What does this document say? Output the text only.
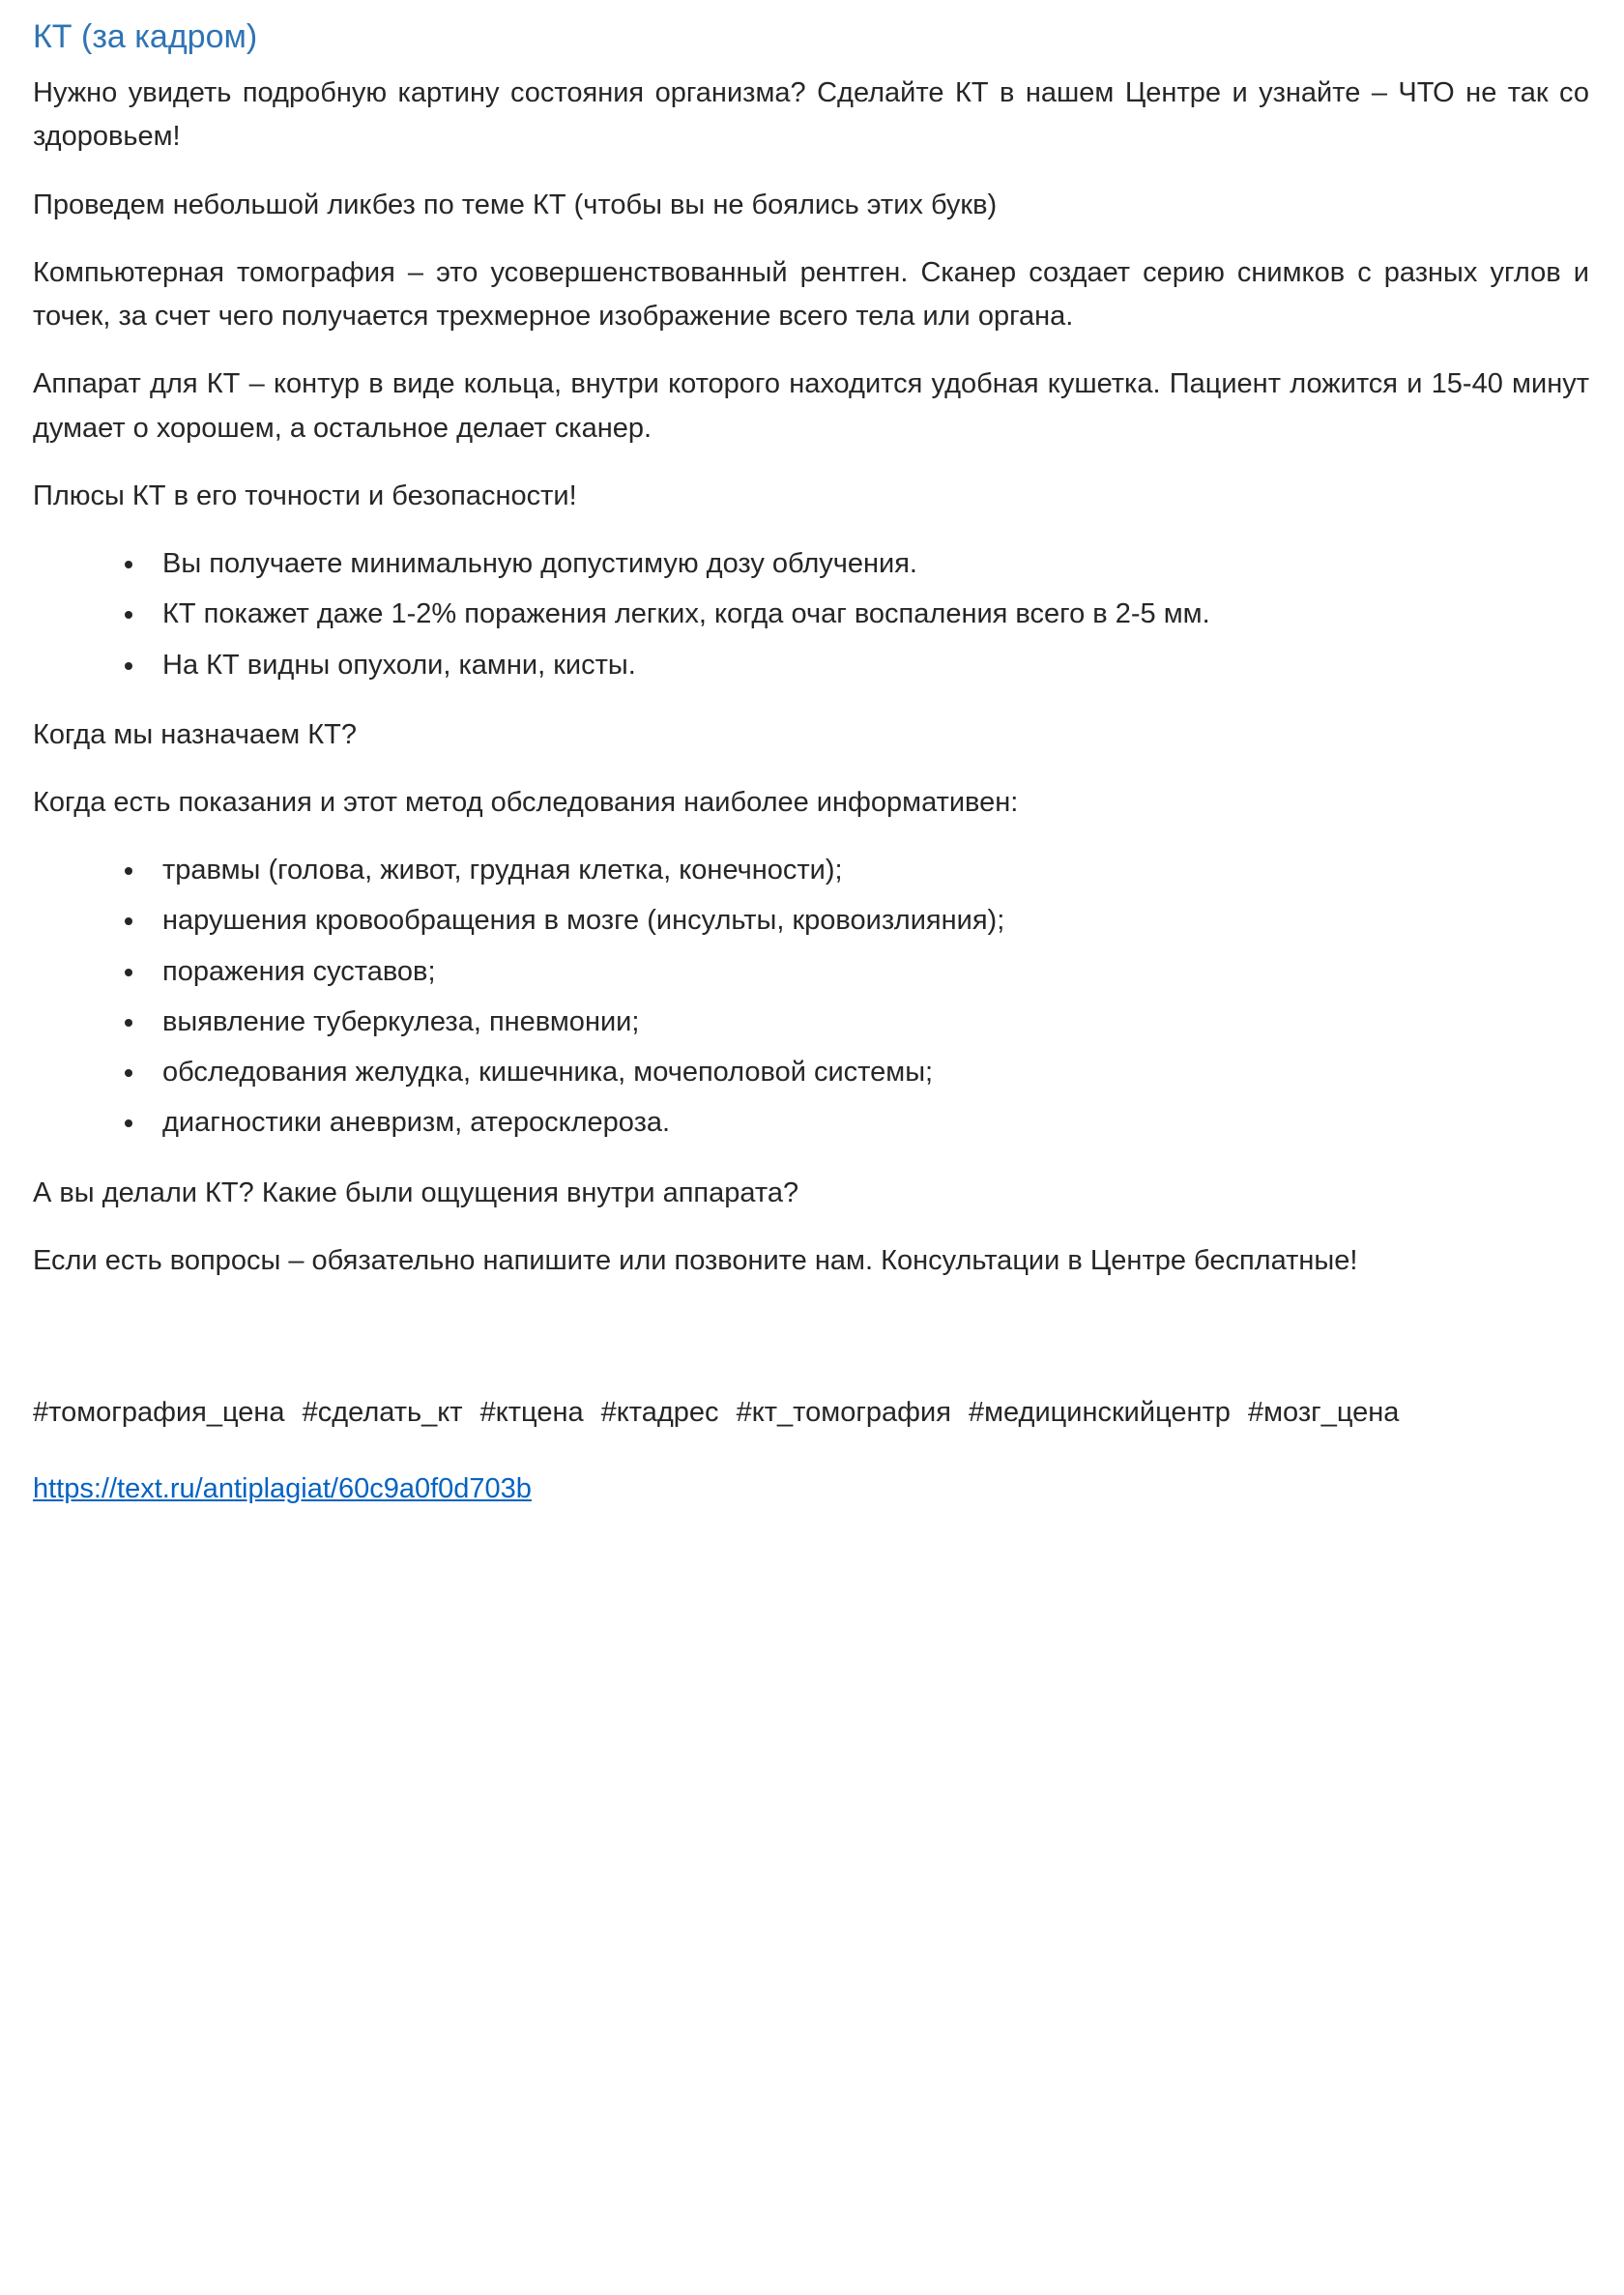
КТ (за кадром)

Нужно увидеть подробную картину состояния организма? Сделайте КТ в нашем Центре и узнайте – ЧТО не так со здоровьем!

Проведем небольшой ликбез по теме КТ (чтобы вы не боялись этих букв)

Компьютерная томография – это усовершенствованный рентген. Сканер создает серию снимков с разных углов и точек, за счет чего получается трехмерное изображение всего тела или органа.

Аппарат для КТ – контур в виде кольца, внутри которого находится удобная кушетка. Пациент ложится и 15-40 минут думает о хорошем, а остальное делает сканер.

Плюсы КТ в его точности и безопасности!

• Вы получаете минимальную допустимую дозу облучения.
• КТ покажет даже 1-2% поражения легких, когда очаг воспаления всего в 2-5 мм.
• На КТ видны опухоли, камни, кисты.

Когда мы назначаем КТ?

Когда есть показания и этот метод обследования наиболее информативен:

• травмы (голова, живот, грудная клетка, конечности);
• нарушения кровообращения в мозге (инсульты, кровоизлияния);
• поражения суставов;
• выявление туберкулеза, пневмонии;
• обследования желудка, кишечника, мочеполовой системы;
• диагностики аневризм, атеросклероза.

А вы делали КТ? Какие были ощущения внутри аппарата?

Если есть вопросы – обязательно напишите или позвоните нам. Консультации в Центре бесплатные!

#томография_цена #сделать_кт #ктцена #ктадрес #кт_томография #медицинскийцентр #мозг_цена

https://text.ru/antiplagiat/60c9a0f0d703b
